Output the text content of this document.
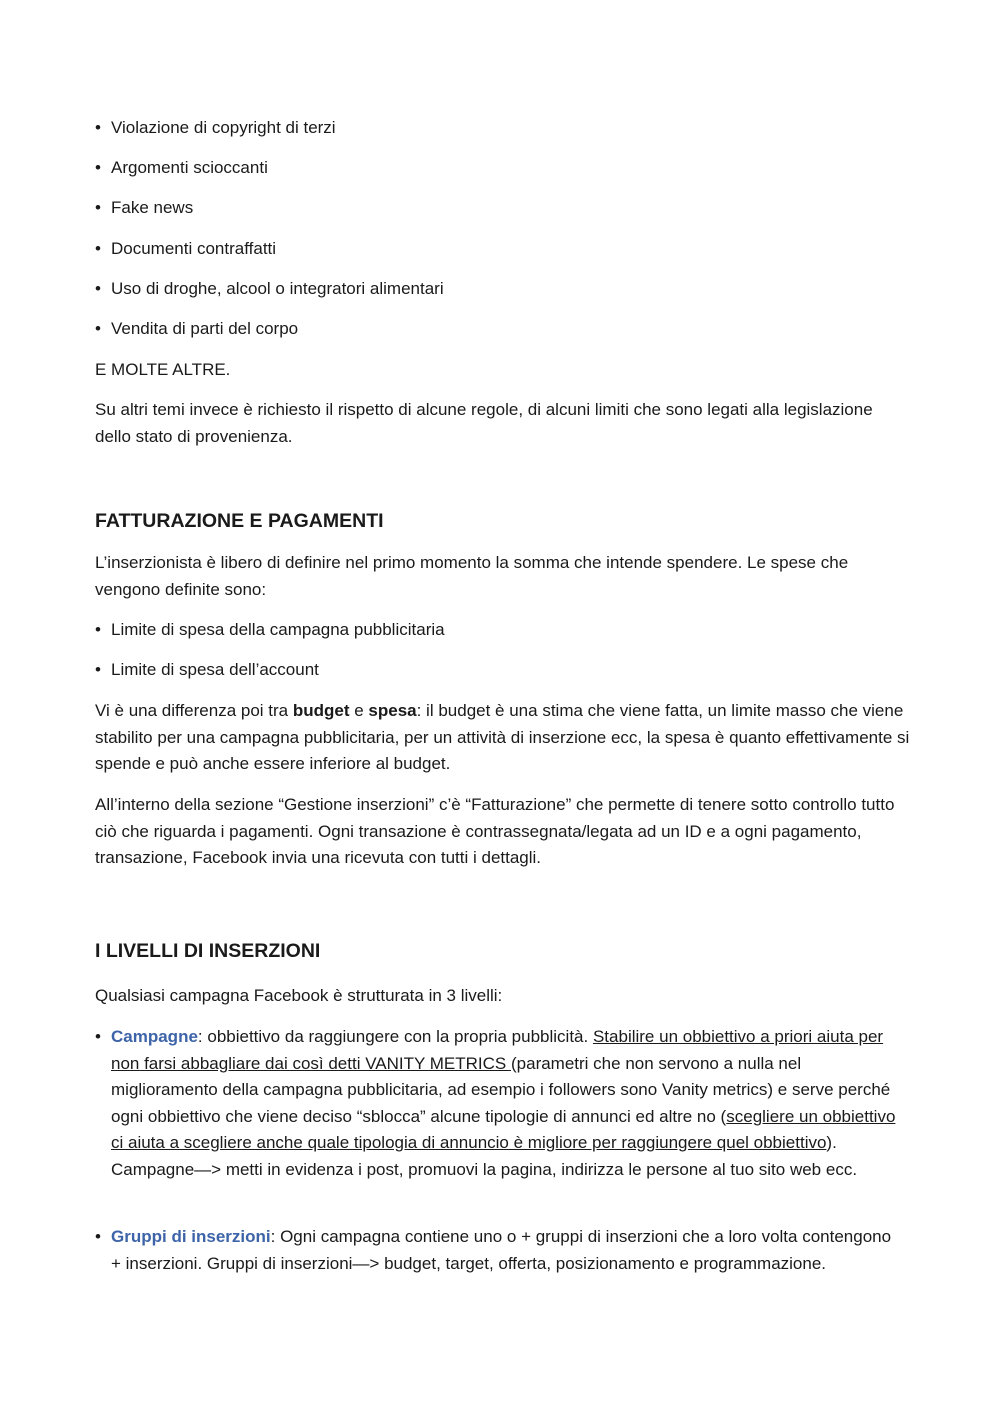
• Violazione di copyright di terzi
• Argomenti scioccanti
• Fake news
• Documenti contraffatti
• Uso di droghe, alcool o integratori alimentari
• Vendita di parti del corpo

E MOLTE ALTRE.

Su altri temi invece è richiesto il rispetto di alcune regole, di alcuni limiti che sono legati alla legislazione dello stato di provenienza.

FATTURAZIONE E PAGAMENTI

L’inserzionista è libero di definire nel primo momento la somma che intende spendere. Le spese che vengono definite sono:

• Limite di spesa della campagna pubblicitaria
• Limite di spesa dell’account

Vi è una differenza poi tra budget e spesa: il budget è una stima che viene fatta, un limite masso che viene stabilito per una campagna pubblicitaria, per un attività di inserzione ecc, la spesa è quanto effettivamente si spende e può anche essere inferiore al budget.

All’interno della sezione “Gestione inserzioni” c’è “Fatturazione” che permette di tenere sotto controllo tutto ciò che riguarda i pagamenti. Ogni transazione è contrassegnata/legata ad un ID e a ogni pagamento, transazione, Facebook invia una ricevuta con tutti i dettagli.

I LIVELLI DI INSERZIONI

Qualsiasi campagna Facebook è strutturata in 3 livelli:

• Campagne: obbiettivo da raggiungere con la propria pubblicità. Stabilire un obbiettivo a priori aiuta per non farsi abbagliare dai così detti VANITY METRICS (parametri che non servono a nulla nel miglioramento della campagna pubblicitaria, ad esempio i followers sono Vanity metrics) e serve perché ogni obbiettivo che viene deciso “sblocca” alcune tipologie di annunci ed altre no (scegliere un obbiettivo ci aiuta a scegliere anche quale tipologia di annuncio è migliore per raggiungere quel obbiettivo). Campagne—> metti in evidenza i post, promuovi la pagina, indirizza le persone al tuo sito web ecc.
• Gruppi di inserzioni: Ogni campagna contiene uno o + gruppi di inserzioni che a loro volta contengono + inserzioni. Gruppi di inserzioni—> budget, target, offerta, posizionamento e programmazione.
